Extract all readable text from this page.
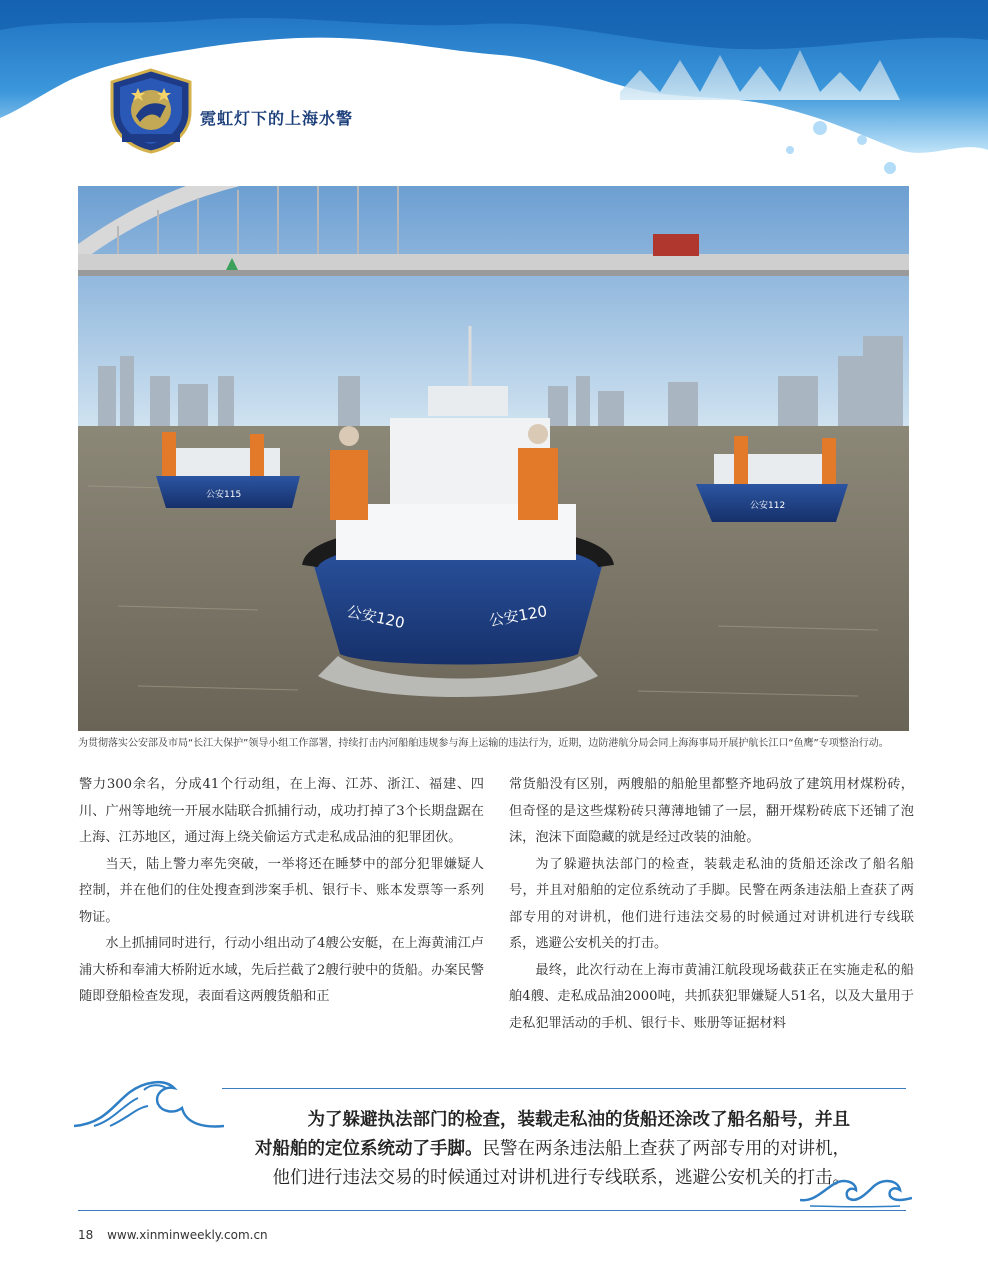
霓虹灯下的上海水警
公安115
公安112
公安120	公安120
为贯彻落实公安部及市局“长江大保护”领导小组工作部署，持续打击内河船舶违规参与海上运输的违法行为，近期，边防港航分局会同上海海事局开展护航长江口“鱼鹰”专项整治行动。

警力300余名，分成41个行动组，在上海、江苏、浙江、福建、四川、广州等地统一开展水陆联合抓捕行动，成功打掉了3个长期盘踞在上海、江苏地区，通过海上绕关偷运方式走私成品油的犯罪团伙。

当天，陆上警力率先突破，一举将还在睡梦中的部分犯罪嫌疑人控制，并在他们的住处搜查到涉案手机、银行卡、账本发票等一系列物证。

水上抓捕同时进行，行动小组出动了4艘公安艇，在上海黄浦江卢浦大桥和奉浦大桥附近水域，先后拦截了2艘行驶中的货船。办案民警随即登船检查发现，表面看这两艘货船和正

常货船没有区别，两艘船的船舱里都整齐地码放了建筑用材煤粉砖，但奇怪的是这些煤粉砖只薄薄地铺了一层，翻开煤粉砖底下还铺了泡沫，泡沫下面隐藏的就是经过改装的油舱。

为了躲避执法部门的检查，装载走私油的货船还涂改了船名船号，并且对船舶的定位系统动了手脚。民警在两条违法船上查获了两部专用的对讲机，他们进行违法交易的时候通过对讲机进行专线联系，逃避公安机关的打击。

最终，此次行动在上海市黄浦江航段现场截获正在实施走私的船舶4艘、走私成品油2000吨，共抓获犯罪嫌疑人51名，以及大量用于走私犯罪活动的手机、银行卡、账册等证据材料

为了躲避执法部门的检查，装载走私油的货船还涂改了船名船号，并且
对船舶的定位系统动了手脚。民警在两条违法船上查获了两部专用的对讲机，
他们进行违法交易的时候通过对讲机进行专线联系，逃避公安机关的打击。
18 www.xinminweekly.com.cn
